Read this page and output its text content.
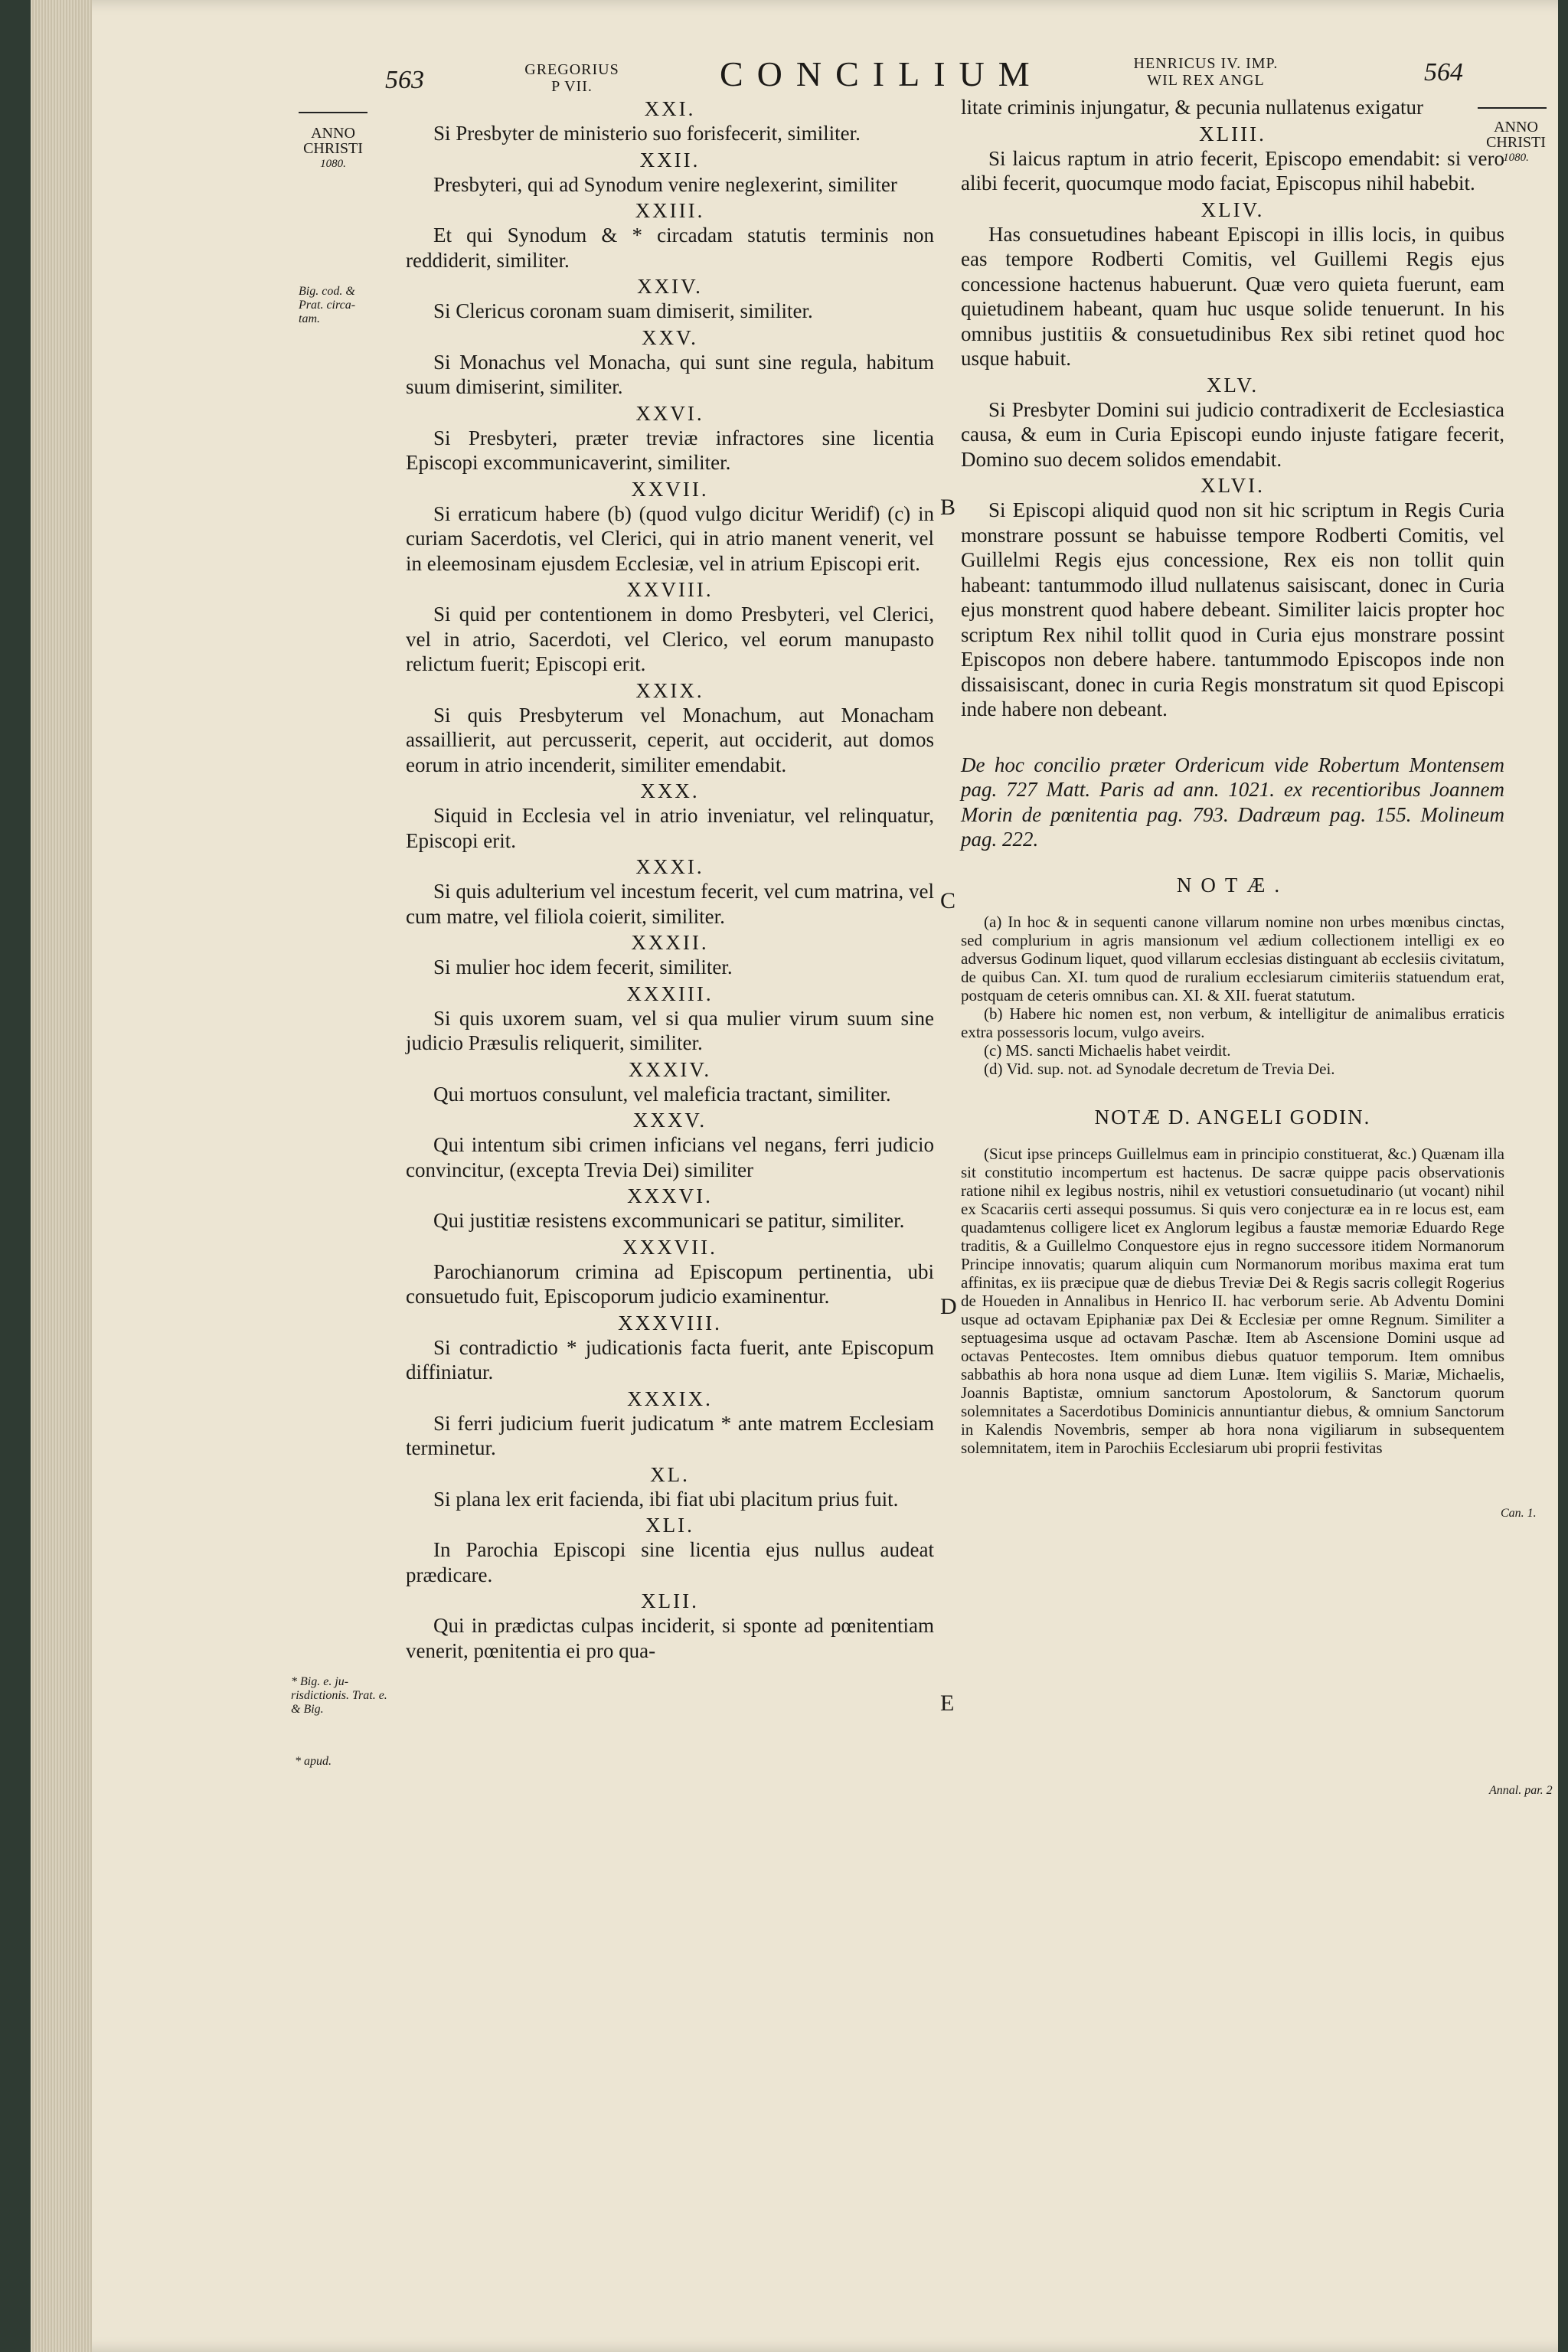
563	GREGORIUS
P VII.	CONCILIUM	HENRICUS IV. IMP.
WIL REX ANGL	564
ANNO
CHRISTI
1080.
ANNO
CHRISTI
1080.
Big. cod. & Prat. circa- tam.
* Big. e. ju- risdictionis. Trat. e. & Big.
* apud.
Can. 1.
Annal. par. 2
B
C
D
E
XXI.

Si Presbyter de ministerio suo forisfecerit, similiter.

XXII.

Presbyteri, qui ad Synodum venire neglexerint, similiter

XXIII.

Et qui Synodum & * circadam statutis terminis non reddiderit, similiter.

XXIV.

Si Clericus coronam suam dimiserit, similiter.

XXV.

Si Monachus vel Monacha, qui sunt sine regula, habitum suum dimiserint, similiter.

XXVI.

Si Presbyteri, præter treviæ infractores sine licentia Episcopi excommunicaverint, similiter.

XXVII.

Si erraticum habere (b) (quod vulgo dicitur Weridif) (c) in curiam Sacerdotis, vel Clerici, qui in atrio manent venerit, vel in eleemosinam ejusdem Ecclesiæ, vel in atrium Episcopi erit.

XXVIII.

Si quid per contentionem in domo Presbyteri, vel Clerici, vel in atrio, Sacerdoti, vel Clerico, vel eorum manupasto relictum fuerit; Episcopi erit.

XXIX.

Si quis Presbyterum vel Monachum, aut Monacham assaillierit, aut percusserit, ceperit, aut occiderit, aut domos eorum in atrio incenderit, similiter emendabit.

XXX.

Siquid in Ecclesia vel in atrio inveniatur, vel relinquatur, Episcopi erit.

XXXI.

Si quis adulterium vel incestum fecerit, vel cum matrina, vel cum matre, vel filiola coierit, similiter.

XXXII.

Si mulier hoc idem fecerit, similiter.

XXXIII.

Si quis uxorem suam, vel si qua mulier virum suum sine judicio Præsulis reliquerit, similiter.

XXXIV.

Qui mortuos consulunt, vel maleficia tractant, similiter.

XXXV.

Qui intentum sibi crimen inficians vel negans, ferri judicio convincitur, (excepta Trevia Dei) similiter

XXXVI.

Qui justitiæ resistens excommunicari se patitur, similiter.

XXXVII.

Parochianorum crimina ad Episcopum pertinentia, ubi consuetudo fuit, Episcoporum judicio examinentur.

XXXVIII.

Si contradictio * judicationis facta fuerit, ante Episcopum diffiniatur.

XXXIX.

Si ferri judicium fuerit judicatum * ante matrem Ecclesiam terminetur.

XL.

Si plana lex erit facienda, ibi fiat ubi placitum prius fuit.

XLI.

In Parochia Episcopi sine licentia ejus nullus audeat prædicare.

XLII.

Qui in prædictas culpas inciderit, si sponte ad pœnitentiam venerit, pœnitentia ei pro qua-

litate criminis injungatur, & pecunia nullatenus exigatur
XLIII.

Si laicus raptum in atrio fecerit, Episcopo emendabit: si vero alibi fecerit, quocumque modo faciat, Episcopus nihil habebit.

XLIV.

Has consuetudines habeant Episcopi in illis locis, in quibus eas tempore Rodberti Comitis, vel Guillemi Regis ejus concessione hactenus habuerunt. Quæ vero quieta fuerunt, eam quietudinem habeant, quam huc usque solide tenuerunt. In his omnibus justitiis & consuetudinibus Rex sibi retinet quod hoc usque habuit.

XLV.

Si Presbyter Domini sui judicio contradixerit de Ecclesiastica causa, & eum in Curia Episcopi eundo injuste fatigare fecerit, Domino suo decem solidos emendabit.

XLVI.

Si Episcopi aliquid quod non sit hic scriptum in Regis Curia monstrare possunt se habuisse tempore Rodberti Comitis, vel Guillelmi Regis ejus concessione, Rex eis non tollit quin habeant: tantummodo illud nullatenus saisiscant, donec in Curia ejus monstrent quod habere debeant. Similiter laicis propter hoc scriptum Rex nihil tollit quod in Curia ejus monstrare possint Episcopos non debere habere. tantummodo Episcopos inde non dissaisiscant, donec in curia Regis monstratum sit quod Episcopi inde habere non debeant.

De hoc concilio præter Ordericum vide Robertum Montensem pag. 727 Matt. Paris ad ann. 1021. ex recentioribus Joannem Morin de pœnitentia pag. 793. Dadræum pag. 155. Molineum pag. 222.
NOTÆ.

(a) In hoc & in sequenti canone villarum nomine non urbes mœnibus cinctas, sed complurium in agris mansionum vel ædium collectionem intelligi ex eo adversus Godinum liquet, quod villarum ecclesias distinguant ab ecclesiis civitatum, de quibus Can. XI. tum quod de ruralium ecclesiarum cimiteriis statuendum erat, postquam de ceteris omnibus can. XI. & XII. fuerat statutum.

(b) Habere hic nomen est, non verbum, & intelligitur de animalibus erraticis extra possessoris locum, vulgo aveirs.

(c) MS. sancti Michaelis habet veirdit.

(d) Vid. sup. not. ad Synodale decretum de Trevia Dei.

NOTÆ D. ANGELI GODIN.

(Sicut ipse princeps Guillelmus eam in principio constituerat, &c.) Quænam illa sit constitutio incompertum est hactenus. De sacræ quippe pacis observationis ratione nihil ex legibus nostris, nihil ex vetustiori consuetudinario (ut vocant) nihil ex Scacariis certi assequi possumus. Si quis vero conjecturæ ea in re locus est, eam quadamtenus colligere licet ex Anglorum legibus a faustæ memoriæ Eduardo Rege traditis, & a Guillelmo Conquestore ejus in regno successore itidem Normanorum Principe innovatis; quarum aliquin cum Normanorum moribus maxima erat tum affinitas, ex iis præcipue quæ de diebus Treviæ Dei & Regis sacris collegit Rogerius de Houeden in Annalibus in Henrico II. hac verborum serie. Ab Adventu Domini usque ad octavam Epiphaniæ pax Dei & Ecclesiæ per omne Regnum. Similiter a septuagesima usque ad octavam Paschæ. Item ab Ascensione Domini usque ad octavas Pentecostes. Item omnibus diebus quatuor temporum. Item omnibus sabbathis ab hora nona usque ad diem Lunæ. Item vigiliis S. Mariæ, Michaelis, Joannis Baptistæ, omnium sanctorum Apostolorum, & Sanctorum quorum solemnitates a Sacerdotibus Dominicis annuntiantur diebus, & omnium Sanctorum in Kalendis Novembris, semper ab hora nona vigiliarum in subsequentem solemnitatem, item in Parochiis Ecclesiarum ubi proprii festivitas
